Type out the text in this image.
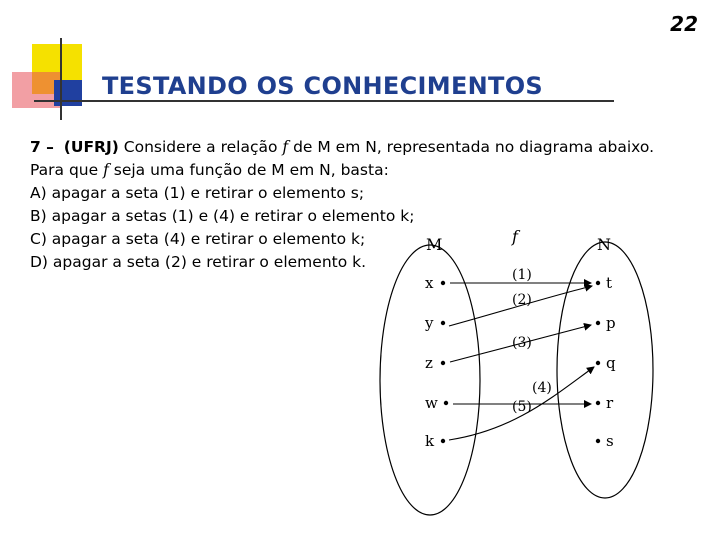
22
TESTANDO OS CONHECIMENTOS
7 – (UFRJ) Considere a relação f de M em N, representada no diagrama abaixo.
Para que f seja uma função de M em N, basta:
A) apagar a seta (1) e retirar o elemento s;
B) apagar a setas (1) e (4) e retirar o elemento k;
C) apagar a seta (4) e retirar o elemento k;
D) apagar a seta (2) e retirar o elemento k.
M	N
f
x
y
z
w
k
t
p
q
r
s
(1)
(2)
(3)
(4)
(5)
